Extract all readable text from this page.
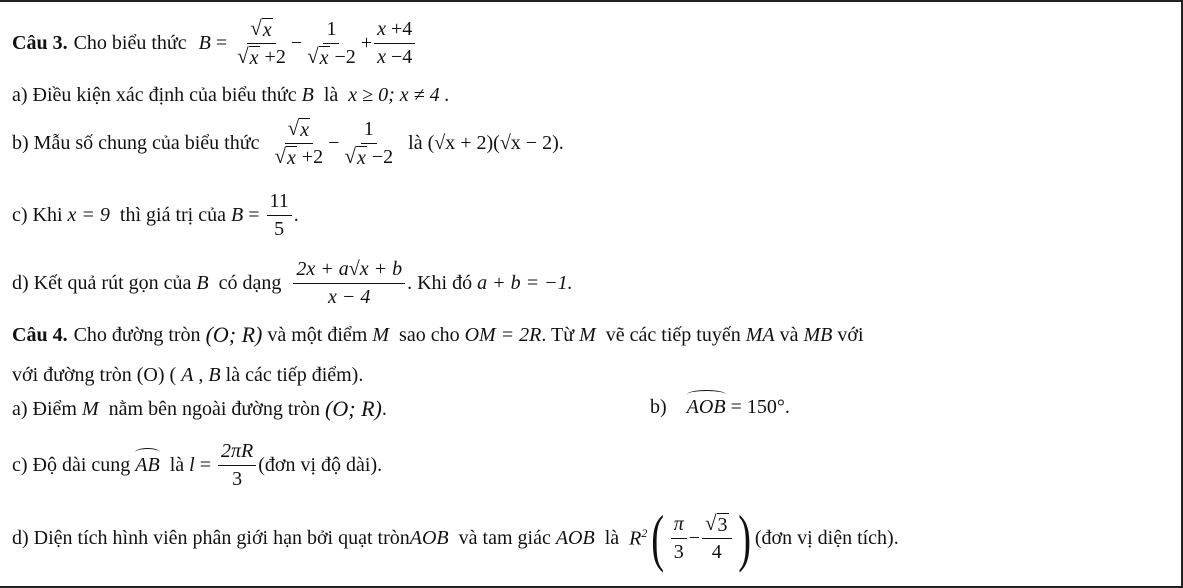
Câu 3. Cho biểu thức $B = \frac{√ x}{√ x +2} - \frac{1}{√ x -2} + \frac{x +4}{x -4}$
a) Điều kiện xác định của biểu thức
B
là
x ≥ 0; x ≠ 4 .
b) Mẫu số chung của biểu thức
$\frac{√ x}{√ x +2} - \frac{1}{√ x -2}$
là
(√x + 2)(√x − 2).
c) Khi
x = 9
thì giá trị của
$B = \frac{11}{5}$ .
d) Kết quả rút gọn của
B
có dạng
$\frac{2x + a√x + b}{x - 4}$ . Khi đó
a + b = −1.
Câu 4. Cho đường tròn
(O; R)
và một điểm
M
sao cho
OM = 2R . Từ
M
vẽ các tiếp tuyến
MA
và
MB
với
với đường tròn (O) (
A , B
là các tiếp điểm).
a) Điểm
M
nằm bên ngoài đường tròn
(O; R) .	b)
AOB
= 150°.
c) Độ dài cung
AB
là
$l = \frac{2\pi R}{3}$ (đơn vị độ dài).
d) Diện tích hình viên phân giới hạn bởi quạt tròn AOB
và tam giác
AOB
là
$R^2$ ( $\frac{\pi}{3} - \frac{√ 3}{4}$ ) (đơn vị diện tích).
